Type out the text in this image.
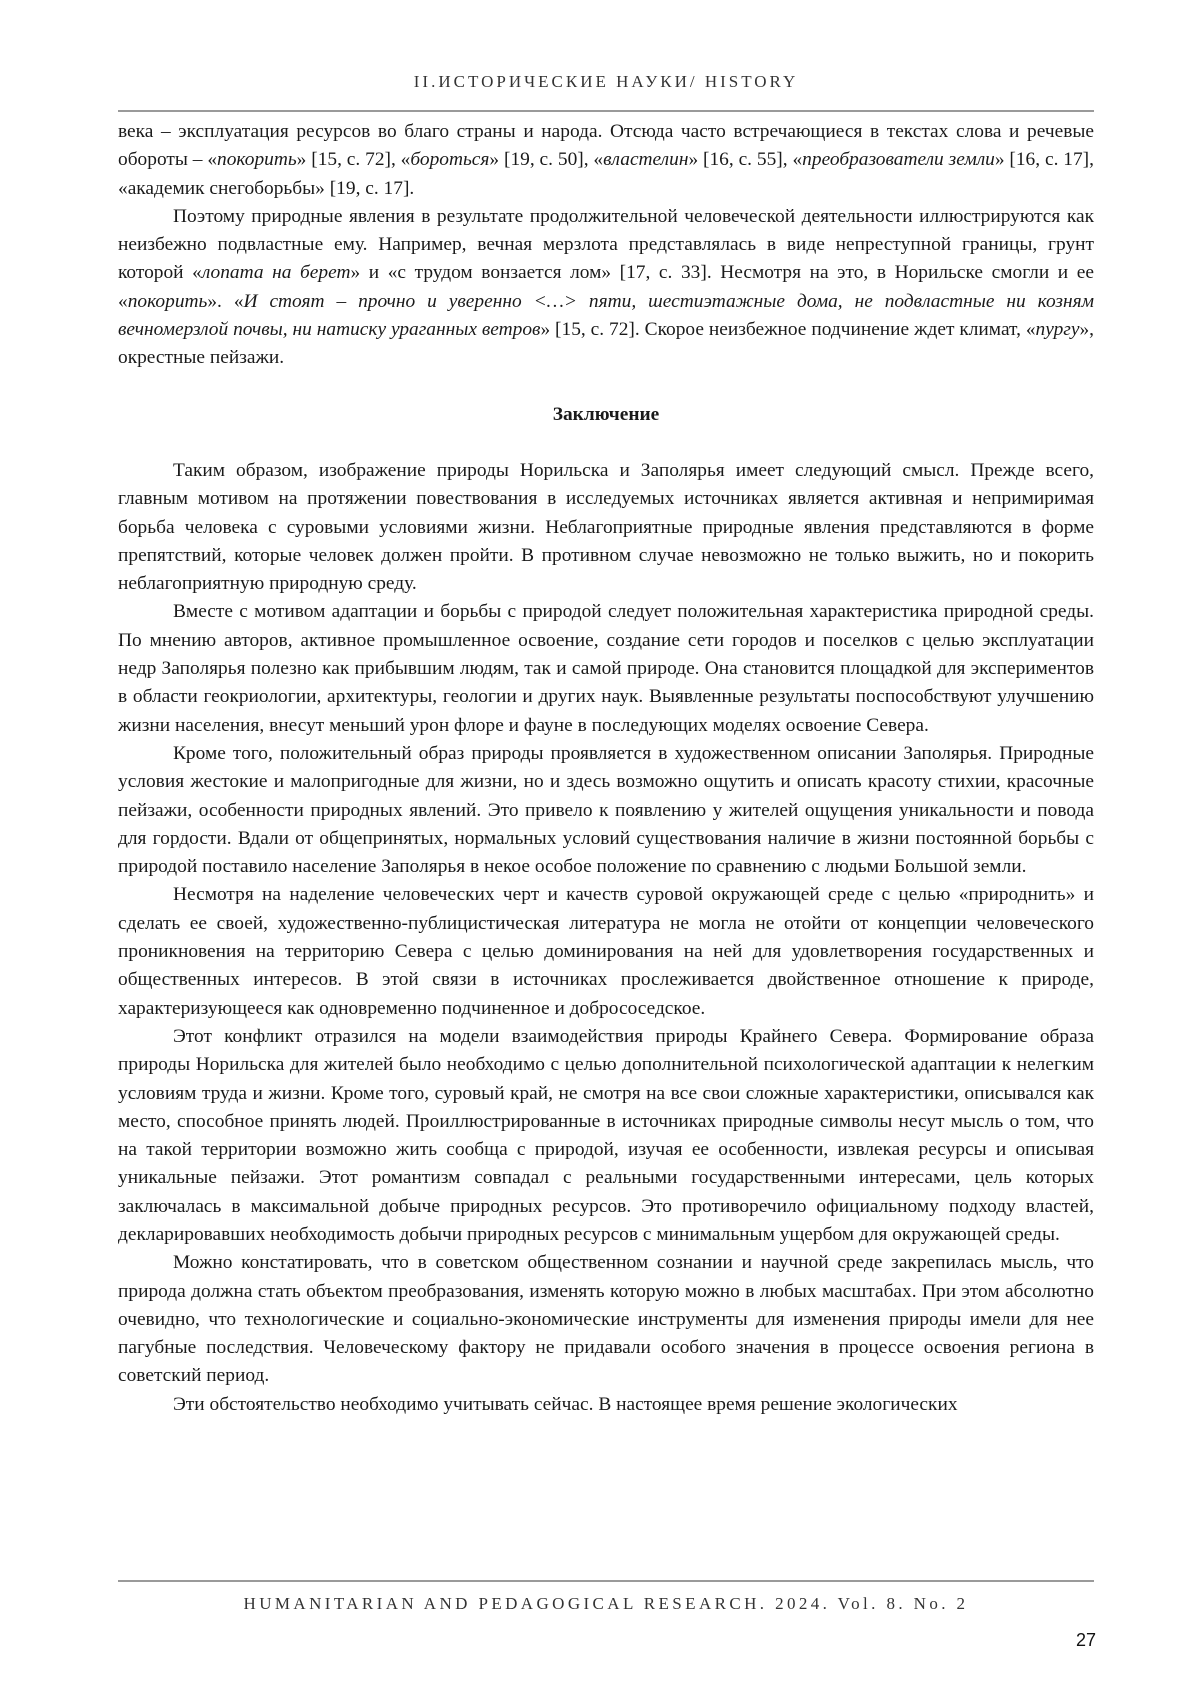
II.ИСТОРИЧЕСКИЕ НАУКИ/ HISTORY

века – эксплуатация ресурсов во благо страны и народа. Отсюда часто встречающиеся в текстах слова и речевые обороты – «покорить» [15, с. 72], «бороться» [19, с. 50], «властелин» [16, с. 55], «преобразователи земли» [16, с. 17], «академик снегоборьбы» [19, с. 17].

Поэтому природные явления в результате продолжительной человеческой деятельности иллюстрируются как неизбежно подвластные ему. Например, вечная мерзлота представлялась в виде непреступной границы, грунт которой «лопата на берет» и «с трудом вонзается лом» [17, с. 33]. Несмотря на это, в Норильске смогли и ее «покорить». «И стоят – прочно и уверенно <…> пяти, шестиэтажные дома, не подвластные ни козням вечномерзлой почвы, ни натиску ураганных ветров» [15, с. 72]. Скорое неизбежное подчинение ждет климат, «пургу», окрестные пейзажи.

Заключение

Таким образом, изображение природы Норильска и Заполярья имеет следующий смысл. Прежде всего, главным мотивом на протяжении повествования в исследуемых источниках является активная и непримиримая борьба человека с суровыми условиями жизни. Неблагоприятные природные явления представляются в форме препятствий, которые человек должен пройти. В противном случае невозможно не только выжить, но и покорить неблагоприятную природную среду.

Вместе с мотивом адаптации и борьбы с природой следует положительная характеристика природной среды. По мнению авторов, активное промышленное освоение, создание сети городов и поселков с целью эксплуатации недр Заполярья полезно как прибывшим людям, так и самой природе. Она становится площадкой для экспериментов в области геокриологии, архитектуры, геологии и других наук. Выявленные результаты поспособствуют улучшению жизни населения, внесут меньший урон флоре и фауне в последующих моделях освоение Севера.

Кроме того, положительный образ природы проявляется в художественном описании Заполярья. Природные условия жестокие и малопригодные для жизни, но и здесь возможно ощутить и описать красоту стихии, красочные пейзажи, особенности природных явлений. Это привело к появлению у жителей ощущения уникальности и повода для гордости. Вдали от общепринятых, нормальных условий существования наличие в жизни постоянной борьбы с природой поставило население Заполярья в некое особое положение по сравнению с людьми Большой земли.

Несмотря на наделение человеческих черт и качеств суровой окружающей среде с целью «природнить» и сделать ее своей, художественно-публицистическая литература не могла не отойти от концепции человеческого проникновения на территорию Севера с целью доминирования на ней для удовлетворения государственных и общественных интересов. В этой связи в источниках прослеживается двойственное отношение к природе, характеризующееся как одновременно подчиненное и добрососедское.

Этот конфликт отразился на модели взаимодействия природы Крайнего Севера. Формирование образа природы Норильска для жителей было необходимо с целью дополнительной психологической адаптации к нелегким условиям труда и жизни. Кроме того, суровый край, не смотря на все свои сложные характеристики, описывался как место, способное принять людей. Проиллюстрированные в источниках природные символы несут мысль о том, что на такой территории возможно жить сообща с природой, изучая ее особенности, извлекая ресурсы и описывая уникальные пейзажи. Этот романтизм совпадал с реальными государственными интересами, цель которых заключалась в максимальной добыче природных ресурсов. Это противоречило официальному подходу властей, декларировавших необходимость добычи природных ресурсов с минимальным ущербом для окружающей среды.

Можно констатировать, что в советском общественном сознании и научной среде закрепилась мысль, что природа должна стать объектом преобразования, изменять которую можно в любых масштабах. При этом абсолютно очевидно, что технологические и социально-экономические инструменты для изменения природы имели для нее пагубные последствия. Человеческому фактору не придавали особого значения в процессе освоения региона в советский период.

Эти обстоятельство необходимо учитывать сейчас. В настоящее время решение экологических

HUMANITARIAN AND PEDAGOGICAL RESEARCH. 2024. Vol. 8. No. 2
27
